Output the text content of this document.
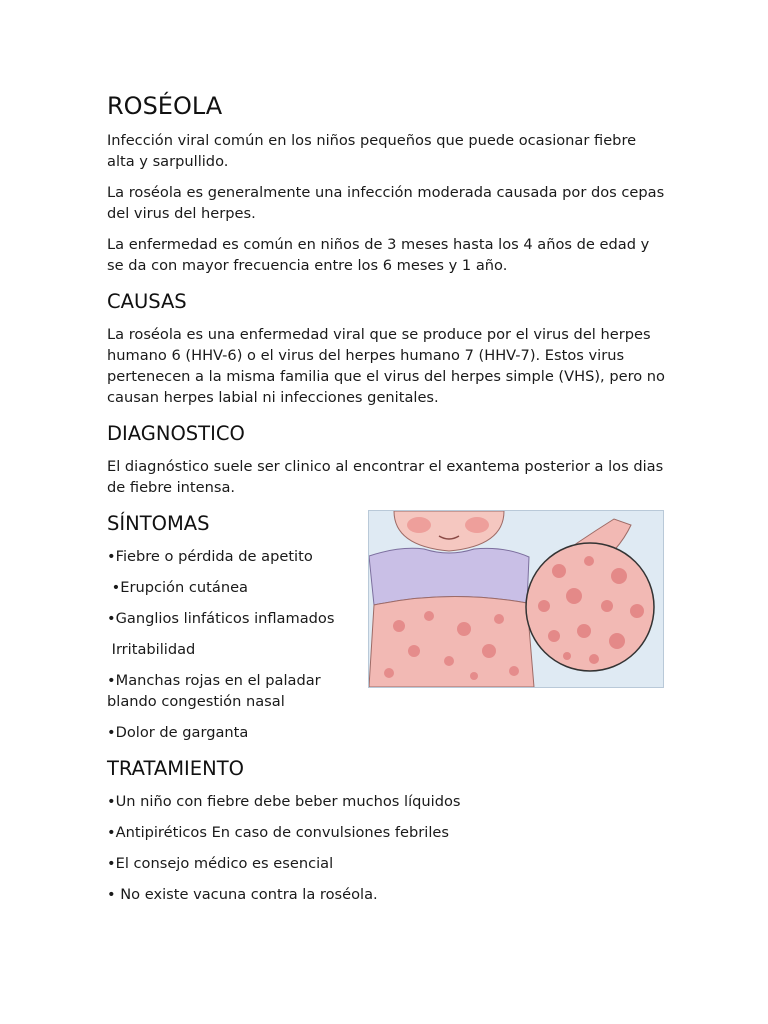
ROSÉOLA

Infección viral común en los niños pequeños que puede ocasionar fiebre alta y sarpullido.

La roséola es generalmente una infección moderada causada por dos cepas del virus del herpes.

La enfermedad es común en niños de 3 meses hasta los 4 años de edad y se da con mayor frecuencia entre los 6 meses y 1 año.

CAUSAS

La roséola es una enfermedad viral que se produce por el virus del herpes humano 6 (HHV-6) o el virus del herpes humano 7 (HHV-7). Estos virus pertenecen a la misma familia que el virus del herpes simple (VHS), pero no causan herpes labial ni infecciones genitales.

DIAGNOSTICO

El diagnóstico suele ser clinico al encontrar el exantema posterior a los dias de fiebre intensa.

SÍNTOMAS

•Fiebre o pérdida de apetito

•Erupción cutánea

•Ganglios linfáticos inflamados

Irritabilidad

•Manchas rojas en el paladar blando congestión nasal

•Dolor de garganta

TRATAMIENTO

•Un niño con fiebre debe beber muchos líquidos

•Antipiréticos En caso de convulsiones febriles

•El consejo médico es esencial

• No existe vacuna contra la roséola.
